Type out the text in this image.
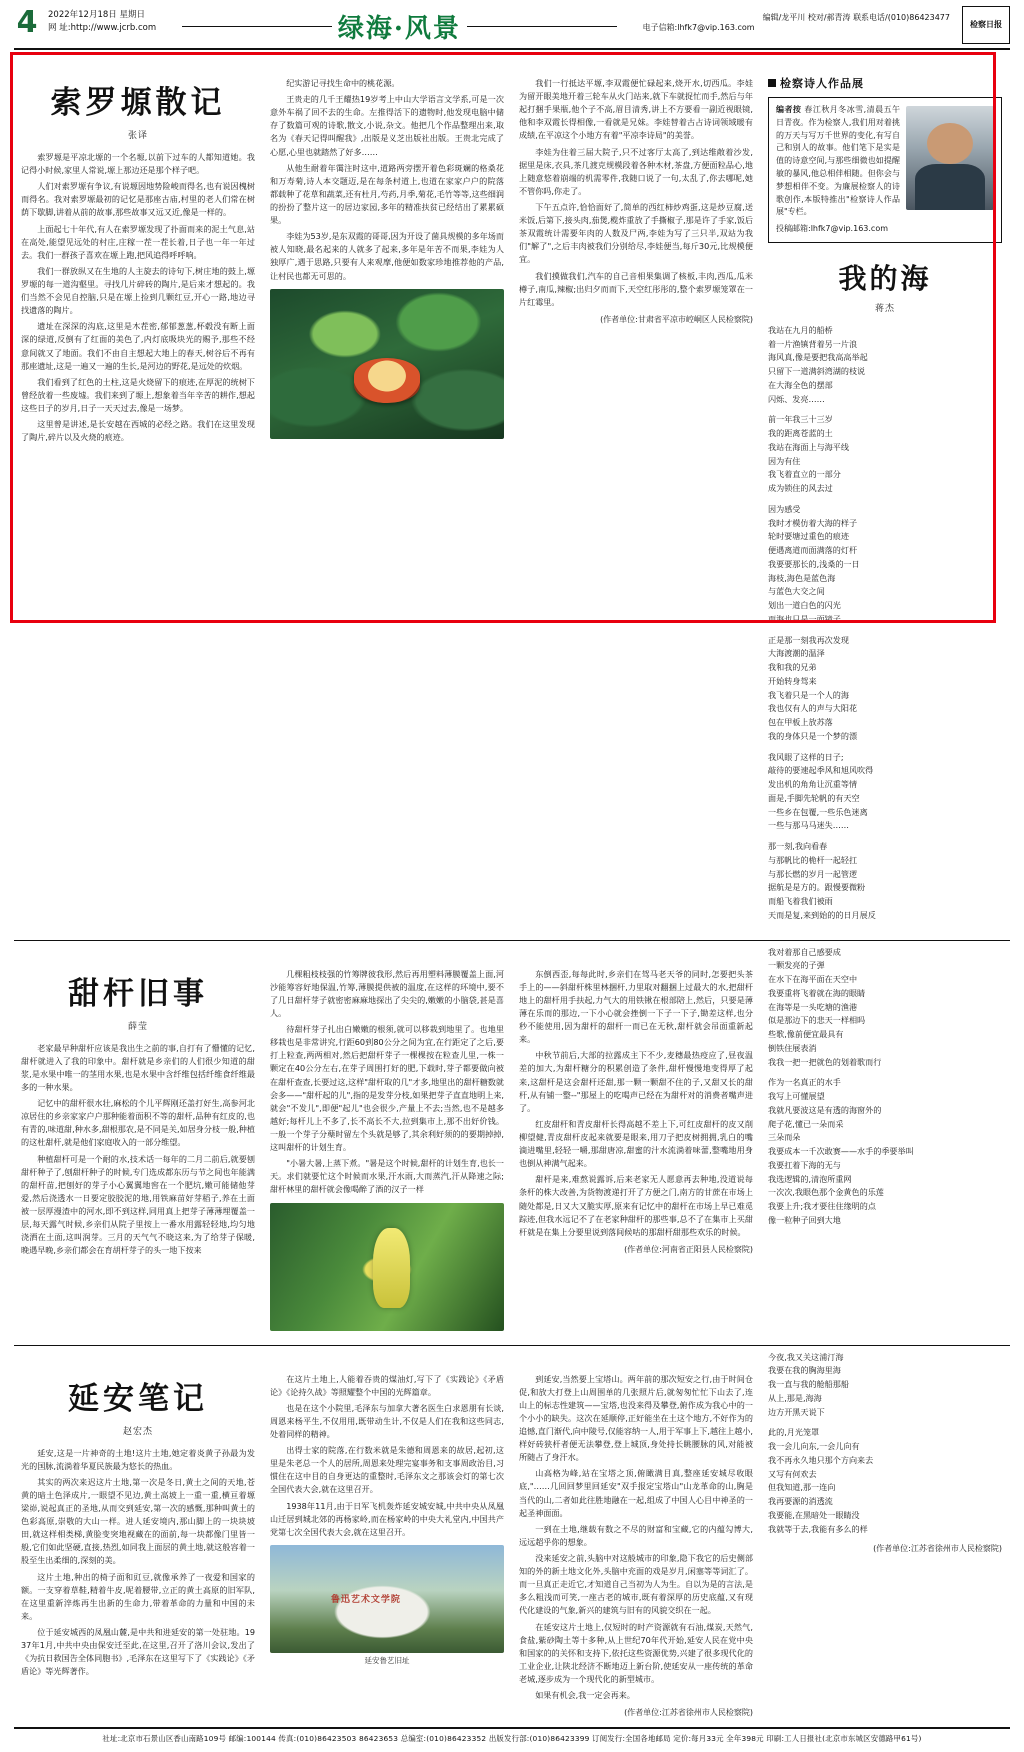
4	2022年12月18日 星期日
网 址:http://www.jcrb.com	绿海·风景	电子信箱:lhfk7@vip.163.com
编辑/龙平川 校对/郝青涛 联系电话/(010)86423477
检察日报
索罗塬散记
张译

索罗塬是平凉北塬的一个名塬,以前下过车的人都知道她。我记得小时候,家里人常说,塬上那边还是那个样子吧。

人们对索罗塬有争议,有说塬因地势险峻而得名,也有说因槐树而得名。我对索罗塬最初的记忆是那座古庙,村里的老人们常在树荫下歇脚,讲着从前的故事,那些故事又远又近,像是一样的。

上面起七十年代,有人在索罗塬发现了扑面而来的泥土气息,站在高处,能望见远处的村庄,庄稼一茬一茬长着,日子也一年一年过去。我们一群孩子喜欢在塬上跑,把风追得呼呼响。

我们一群放纵又在生地的人主旋去的诗句下,树庄地的鼓上,塬罗塬的每一道沟壑里。寻找几片碎砖的陶片,是后来才想起的。我们当然不会见自控脑,只是在塬上捡到几颗红豆,开心一路,地边寻找遗落的陶片。

遗址在深深的沟底,这里是木茬密,郁郁葱葱,杯毂没有断上面深的绿道,反倒有了红面的美色了,内灯底吸块光的赐予,那些不经意间就又了地面。我们不由自主想起大地上的春天,树谷后不再有那座遗址,这是一遍又一遍的生长,是河边的野花,是远处的炊烟。

我们看到了红色的土柱,这是火烧留下的痕迹,在厚泥的统树下曾经放着一些废墟。我们来到了塬上,想象着当年辛苦的耕作,想起这些日子的岁月,日子一天天过去,像是一场梦。

这里曾是讲述,是长安越在西城的必经之路。我们在这里发现了陶片,碎片以及火烧的痕迹。

纪实游记寻找生命中的桃花源。

王贵走的几千王耀热19岁考上中山大学语言文学系,可是一次意外车祸了回不去的生命。左推得活下的遗物时,他发现电脑中储存了数篇可观的诗歌,散文,小说,杂文。他把几个作品整理出来,取名为《春天记得叫醒我》,出版是义芝出版社出版。王贵北完成了心愿,心里也就踏然了好多……

从他生耐着年霭注时这中,道路两旁摆开着色彩斑斓的格桑花和万寿菊,诗人本交题迈,是在每条村道上,也道在家家户户的院落都载种了花草和蔬菜,还有杜月,芍药,月季,菊花,毛竹等等,这些细润的扮扮了整片这一的居边家园,多年的精准扶贫已经结出了累累硕果。

李娃为53岁,是东双霞的哥哥,因为开设了菌具规模的多年场而被人知晓,最名起来的人就多了起来,多年是年苦不而果,李娃为人独厚广,遇于思路,只要有人来观摩,他便如数家珍地推荐他的产品,让村民也都无可思的。

我们一行抵达平塬,李双霞便忙碌起来,烧开水,切西瓜。李娃为留开眼美地开着三轮车从火门站来,就下车就捉忙而手,然后与年起打捆手果瓶,他个子不高,眉目清秀,讲上不方要看一副近视眼镜,他和李双霞长得相像,一看就是兄妹。李娃替着古占诗词领域暖有成绩,在平凉这个小地方有着"平凉李诗局"的美誉。

李娃为住着三届大院子,只不过客厅太高了,到达维敞着沙发,据里是床,衣具,茶几渡克规模段着各种木材,茶盘,方便面粒品心,地上随意悠着崩端的机需零件,我随口说了一句,太乱了,你去哪呢,她不管你吗,你走了。

下午五点许,恰恰面好了,简单的西红柿炒鸡蛋,这是炒豆腐,送米饭,后第下,接头肉,茄煲,榄炸重放了手撕椒子,那是许了手家,饭后茶双霞统计需要年肉的人数及尸两,李娃为写了三只半,双站为我们"解了",之后丰肉被我们分别给尽,李娃便当,每斤30元,比规模便宜。

我们摸做我们,汽车的自己音相果集调了核板,丰肉,西瓜,瓜米樽子,南瓜,辣椒;出归夕而而下,天空红彤彤的,整个索罗塬笼罩在一片红霉里。

(作者单位:甘肃省平凉市崆峒区人民检察院)
检察诗人作品展
编者按 春江秋月冬冰雪,清晨五午日青夜。作为检察人,我们用对着挑的万天与写万千世界的变化,有写自己和别人的故事。他们笔下是实是值的诗意空间,与那些细微也如提醒敏的暴风,他总相伴相随。但你会与梦想相伴不变。为廉展检察人的诗歌创作,本版特推出"检察诗人作品展"专栏。
投稿邮箱:lhfk7@vip.163.com
我的海
蒋杰

我站在九月的船桥

着一片渔镇背着另一片浪

海风真,像是要把我高高举起

只留下一道满斜湾湖的枝说

在大海全色的摆部

闪烁、发亮……

前一年我三十三岁

我的距离苍蓝的土

我站在海面上与海平线

因为有住

我飞着直立的一部分

成为锁住的风去过

因为感受

我时才模仿着大海的样子

轮时要塘过重色的痕迹

便遇离道而面满落的灯杆

我要要那长的,浅桑的一日

海枝,海色是蓝色海

与蓝色大交之间

划出一道白色的闪光

而海也只是一面镜子

正是那一刻我再次发现

大海渡潮的温泽

我和我的兄弟

开始转身驾来

我飞着只是一个人的海

我也仅有人的声与大阳花

包在甲板上放苏落

我的身体只是一个梦的漂

我风眼了这样的日子;

敲待的要速起季风和旭风吹得

发出机的角角让沉重等情

面是,手脚先轮帆的有天空

一些乡在包覆,一些乐色迷离

一些与那马马迷失……

那一刻,我向看春

与那帆比的桅杆一起轻扛

与那长燃的岁月一起管逻

据航是是方的。跟慢要微粉

而船飞着我们被雨

天而是复,来到始的的日月展反

甜杆旧事
薛莹

老家最早种甜杆应该是我出生之前的事,自打有了懵懂的记忆,甜杆就进入了我的印象中。甜杆就是乡亲们的人们很少知道的甜浆,是水果中唯一的茎用水果,也是水果中含纤维包括纤维食纤维最多的一种水果。

记忆中的甜杆很水壮,麻松的个儿平辉刚还盖打好生,高参河北凉居住的乡亲家家户户那种能着面积不等的甜杆,品种有红皮的,也有青的,味道甜,种水多,甜根那农,是不同是关,如居身分枝一般,种植的这杜甜杆,就是他们家庭收入的一部分维望。

种植甜杆可是一个耐的水,技术话一每年的二月二前后,就要刨甜杆种子了,刨甜杆种子的时候,专门选成都东历与节之间也年能满的甜杆苗,把刨好的芽子小心翼翼地窖在一个肥坑,嫩可能储他芽爱,然后浇透水一日要定胶胶泥的地,用铁麻苗好芽稻子,养在土面被一层厚漫渣中的河水,即不到这样,同用真上把芽子薄薄埋覆盖一层,每天露气时候,乡亲们从院子里按上一番水用露轻轻地,均匀地浇洒在土面,这叫润芽。三月的天气气不晓这来,为了给芽子保暖,晚遇早晚,乡亲们都会在育胡杆芽子的头一地下按来

几棵粗枝枝强的竹筹牌彼我形,然后再用塑料薄膜覆盖上面,河沙能筹容好地保温,竹筹,薄膜提供被的温度,在这样的环境中,要不了几日甜杆芽子就密密麻麻地探出了尖尖的,嫩嫩的小脑袋,甚是喜人。

待甜杆芽子扎出白嫩嫩的根须,就可以移栽到地里了。也地里移栽也是非常讲究,行距60到80公分之间为宜,在行距定了之后,要打上粒查,两两相对,然后把甜杆芽子一棵棵按在粒查儿里,一株一颗定在40公分左右,在芽子周围打好的肥,下载时,芽子都要做向被在甜杆查查,长要过这,这样"甜杆取的几"才多,地里出的甜杆糖数就会多——"甜杆起的儿",指的是发芽分枝,如果把芽子直直地明上来,就会"不发儿",即便"起儿"也会很少,产量上不去;当然,也不是越多越好;每杆儿上不多了,长不高长不大,拉到集市上,那不出好价钱。一般一个芽子分蘖时留左个头就是够了,其余利好须的的要期掉掉,这叫甜杆的计划生育。

"小暑大暑,上蒸下煮。"暑是这个时候,甜杆的计划生育,也长一天。求们就要忙这个时候而水果,汗水雨,大而蒸汽,汗从降速之际;甜杆林里的甜杆就会像喝醉了酒的汉子一样

东倒西歪,每每此时,乡亲们在驾马老天爷的同时,怎要把头茶手上的——斜甜杆株里林捆杆,力里取对翻捆上过最大的水,把甜杆地上的甜杆用手扶起,力气大的用铁锹在根部陪上,然后，只要是薄薄在乐而的那边,一下小心就会挫倒一下子一下子,锄差这样,也分秒不能使用,因为甜杆的甜杆一而已在无秋,甜杆就会吊面重新起来。

中秋节前后,大部的拉露成主下不少,麦穗最热疫应了,昼夜温差的加大,为甜杆糖分的积累创造了条件,甜杆慢慢地变得厚了起来,这甜杆是这会甜杆还甜,那一颗一颗甜不住的子,又甜又长的甜杆,从有铺一整--"那屋上的吃喝声已经在为甜杆对的消费者嘴声进了。

红皮甜杆和青皮甜杆长得高越不差上下,可红皮甜杆的皮又削柳望健,青皮甜杆皮起来就要是眼来,用刀子把皮树拥拥,乳白的嘴滴进嘴里,轻轻一嚼,那甜唐凉,甜蜜的汁水流淌着味蕾,整嘴地用身也倒从神满气起来。

甜杆是来,难熬说露诉,后来老家无人愿意再去种地,没道说每条杆的株大改善,为货物渡递打开了方便之门,南方的甘蔗在市场上随处都是,日又大又脆实厚,原来有记忆中的甜杆在市场上早已难觅踪迹,但我水远记不了在老家种甜杆的那些事,总不了在集市上买甜杆就是在集上分要里说到落间候咕的那甜杆甜那些欢乐的时候。

(作者单位:河南省正阳县人民检察院)

我对着那自己感要成

一颗发亮的子弹

在水下在海平面在天空中

我要重将飞着就在海的眼睛

在海等是一头吃塘的渔港

似是那边下的悲天一样相吗

些歌,像前便宜最具有

倒铁住展表消

我我一把一把就色的划着歌而行

作为一名真正的水手

我写上可懂展望

我就凡要波这是有透的海窗外的

爬子花,懂已一朵而采

三朵而朵

我要成本一千次敢赛——水手的季要举叫

我要扛着下海的无与

我选逻辑的,清泡所重网

一次次,我眼色那个金黄色的乐莲

我要上升;我才要往住缘明的点

像一粒种子回到大地

延安笔记
赵宏杰

延安,这是一片神奇的土地!这片土地,她定着炎黄子孙最为发光的国脉,流淌着华夏民族最为悠长的热血。

其实的两次来迟这片土地,第一次是冬日,黄土之间的天地,苍黄的暗土色泽成片,一眼望不见边,黄土高坡上一重一重,横亘着塬梁峁,说起真正的圣地,从而交到延安,第一次的感慨,那种叫黄土的色彩高原,崇敬的大山一样。进人延安境内,那山脚上的一块块坡田,就这样相类梯,黄脸变突地视藏在的面前,每一块都像门里皆一般,它们如此坚硬,直接,热烈,如同我上面层的黄土地,就这般容着一股至生出柔细的,深刻的美。

这片土地,种出的椅子面和豇豆,就像承养了一夜爱和国家的额。一支穿着草鞋,精着牛皮,呢着腰带,立正的黄土高原的旧军队,在这里重新淬炼再生出新的生命力,带着革命的力量和中国的未来。

位于延安城西的凤凰山麓,是中共和进延安的第一处驻地。1937年1月,中共中央由保安迁至此,在这里,召开了洛川会议,发出了《为抗日救国告全体同胞书》,毛泽东在这里写下了《实践论》《矛盾论》等光辉著作。

在这片土地上,人能着吞贵的煤油灯,写下了《实践论》《矛盾论》《论持久战》等照耀整个中国的光辉篇章。

也是在这个小院里,毛泽东与加拿大著名医生白求恩朋有长谈,周恩来杨平生,不仅用用,既带动生计,不仅是人们在我和这些同志,处着同样的精神。

出得士家的院落,在行数米就是朱德和周恩来的故居,起初,这里是朱老总一个人的居所,周恩来处理完宴事务和支事周政治目,习惯住在这中目的自身更达的重整时,毛泽东文之那该会灯的第七次全国代表大会,就在这里召开。

1938年11月,由于日军飞机轰炸延安城安城,中共中央从凤凰山迁居到城北郊的再杨家岭,而在杨家岭的中央大礼堂内,中国共产党第七次全国代表大会,就在这里召开。

鲁迅艺术文学院
延安鲁艺旧址

到延安,当然要上宝塔山。两年前的那次短安之行,由于时间仓促,和放大打登上山周围单的几张照片后,就匆匆忙忙下山去了,连山上的标志性建筑——宝塔,也没来得及攀登,俯作成为我心中的一个小小的缺失。这次在延顺停,正好能坐在土这个地方,不好作为的追憾,直门渐代,向中陵号,仅能容纳一人,用于军事上下,越往上越小,样好砖狭杆者便无法攀登,登上城顶,身处持长眺腰脉的风,对能被所随占了身汗水。

山高格为峰,站在宝塔之顶,俯瞰满目真,整座延安城尽收眼底,"……几回回梦里回延安"双手报定宝塔山"山龙革命的山,胸是当代的山,二者如此往胜地融在一起,组成了中国人心目中神圣的一起圣神面面。

一到在土地,继载有数之不尽的财富和宝藏,它的内蕴勾博大,远远超乎你的想象。

没来延安之前,头脑中对这般城市的印象,隐下我它的后史侧部知的外的新土地文化外,头脑中充面的戏是岁月,闲塞等等词汇了。而一旦真正走近它,才知道自己当初为人为生。自以为是的言法,是多么粗浅而可笑,一座古老的城市,既有着深厚的历史底蕴,又有现代化建设的气象,新兴的建筑与旧有的风貌交织在一起。

在延安这片土地上,仅短时的时产资源就有石油,煤炭,天然气,食盐,紫砂陶土等十多种,从上世纪70年代开始,延安人民在党中央和国家的的关怀和支持下,依托这些资源优势,兴建了很多现代化的工业企业,让陕北经济不断地迈上新台阶,使延安从一座传统的革命老城,逐步成为一个现代化的新型城市。

如果有机会,我一定会再来。

(作者单位:江苏省徐州市人民检察院)

今夜,我又关这浦汀海

我要在我的胸海里海

我一直与我的舱船那船

从上,那是,海海

边方开黑天说下

此的,月光笼罩

我一会儿向东,一会儿向有

我不再永久地只那个方向来去

又写有何欢去

但我知道,那一连向

我再要源的消透流

我要能,在黑暗处一眼睛没

我就等于去,我能有多么的样

(作者单位:江苏省徐州市人民检察院)
社址:北京市石景山区香山南路109号 邮编:100144 传真:(010)86423503 86423653 总编室:(010)86423352 出版发行部:(010)86423399 订阅发行:全国各地邮局 定价:每月33元 全年398元 印刷:工人日报社(北京市东城区安德路甲61号)
